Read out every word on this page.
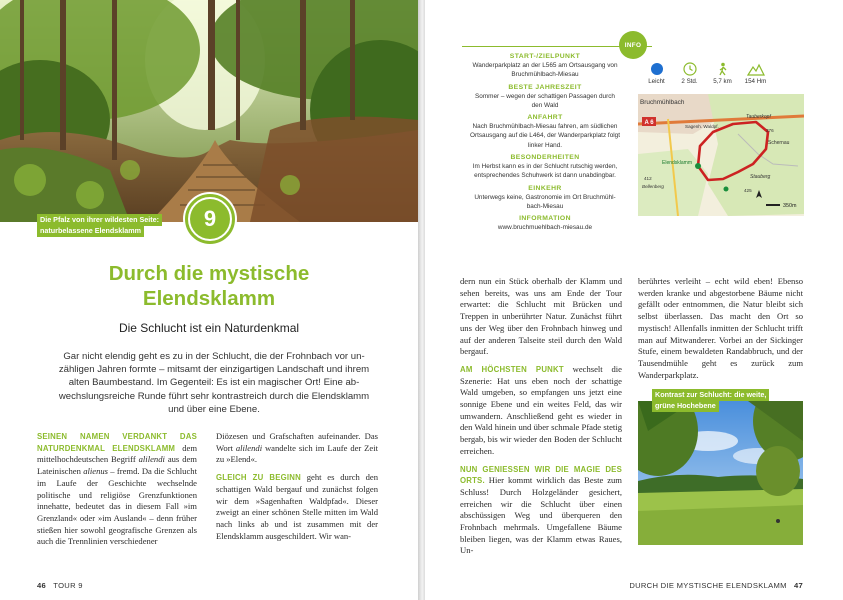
Die Pfalz von ihrer wildesten Seite:
naturbelassene Elendsklamm	9
Durch die mystische
Elendsklamm
Die Schlucht ist ein Naturdenkmal
Gar nicht elendig geht es zu in der Schlucht, die der Frohnbach vor un-
zähligen Jahren formte – mitsamt der einzigartigen Landschaft und ihrem
alten Baumbestand. Im Gegenteil: Es ist ein magischer Ort! Eine ab-
wechslungsreiche Runde führt sehr kontrastreich durch die Elendsklamm
und über eine Ebene.
SEINEN NAMEN VERDANKT DAS NATURDENKMAL ELENDSKLAMM dem mittelhochdeutschen Begriff alilendi aus dem Lateinischen alienus – fremd. Da die Schlucht im Laufe der Geschichte wechselnde politische und religiöse Grenzfunktionen innehatte, bedeutet das in diesem Fall »im Grenzland« oder »im Ausland« – denn früher stießen hier sowohl geografische Grenzen als auch die Trennlinien verschiedener
Diözesen und Grafschaften aufeinander. Das Wort alilendi wandelte sich im Laufe der Zeit zu »Elend«.
GLEICH ZU BEGINN geht es durch den schattigen Wald bergauf und zunächst folgen wir dem »Sagenhaften Waldpfad«. Dieser zweigt an einer schönen Stelle mitten im Wald nach links ab und ist zusammen mit der Elendsklamm ausgeschildert. Wir wan-
46 TOUR 9
INFO
START-/ZIELPUNKT
Wanderparkplatz an der L565 am Ortsausgang von
Bruchmühlbach-Miesau
BESTE JAHRESZEIT
Sommer – wegen der schattigen Passagen durch
den Wald
ANFAHRT
Nach Bruchmühlbach-Miesau fahren, am südlichen
Ortsausgang auf die L464, der Wanderparkplatz folgt
linker Hand.
BESONDERHEITEN
Im Herbst kann es in der Schlucht rutschig werden,
entsprechendes Schuhwerk ist dann unabdingbar.
EINKEHR
Unterwegs keine, Gastronomie im Ort Bruchmühl-
bach-Miesau
INFORMATION
www.bruchmuehlbach-miesau.de
Leicht	2 Std.	5,7 km	154 Hm
A 6
Bruchmühlbach
Sagenh. Waldpf.
Tauberkopf
Elendsklamm
Schernau
Stauberg
412
376
425
Bellenberg
350m
dern nun ein Stück oberhalb der Klamm und sehen bereits, was uns am Ende der Tour erwartet: die Schlucht mit Brücken und Treppen in unberührter Natur. Zunächst führt uns der Weg über den Frohnbach hinweg und auf der anderen Talseite steil durch den Wald bergauf.
AM HÖCHSTEN PUNKT wechselt die Szenerie: Hat uns eben noch der schattige Wald umgeben, so empfangen uns jetzt eine sonnige Ebene und ein weites Feld, das wir umwandern. Anschließend geht es wieder in den Wald hinein und über schmale Pfade stetig bergab, bis wir wieder den Boden der Schlucht erreichen.
NUN GENIESSEN WIR DIE MAGIE DES ORTS. Hier kommt wirklich das Beste zum Schluss! Durch Holzgeländer gesichert, erreichen wir die Schlucht über einen abschüssigen Weg und überqueren den Frohnbach mehrmals. Umgefallene Bäume bleiben liegen, was der Klamm etwas Raues, Un-
berührtes verleiht – echt wild eben! Ebenso werden kranke und abgestorbene Bäume nicht gefällt oder entnommen, die Natur bleibt sich selbst überlassen. Das macht den Ort so mystisch! Allenfalls inmitten der Schlucht trifft man auf Mitwanderer. Vorbei an der Sickinger Stufe, einem bewaldeten Randabbruch, und der Tausendmühle geht es zurück zum Wanderparkplatz.
Kontrast zur Schlucht: die weite,
grüne Hochebene
DURCH DIE MYSTISCHE ELENDSKLAMM 47
